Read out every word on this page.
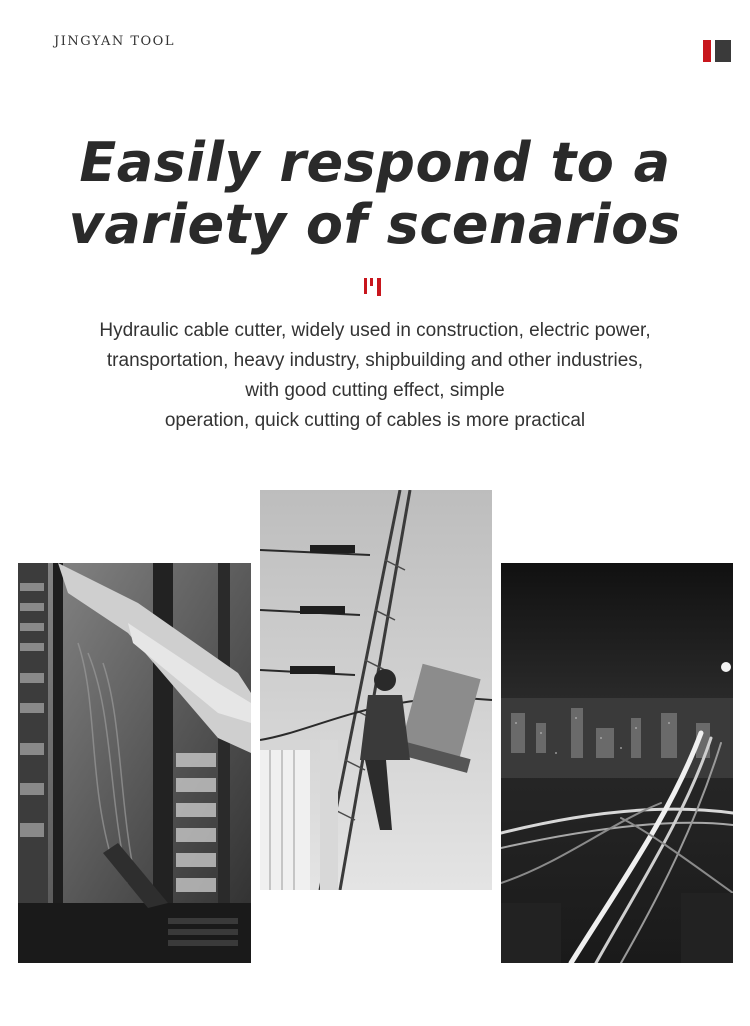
JINGYAN TOOL
Easily respond to a
variety of scenarios
Hydraulic cable cutter, widely used in construction, electric power,
transportation, heavy industry, shipbuilding and other industries,
with good cutting effect, simple
operation, quick cutting of cables is more practical
